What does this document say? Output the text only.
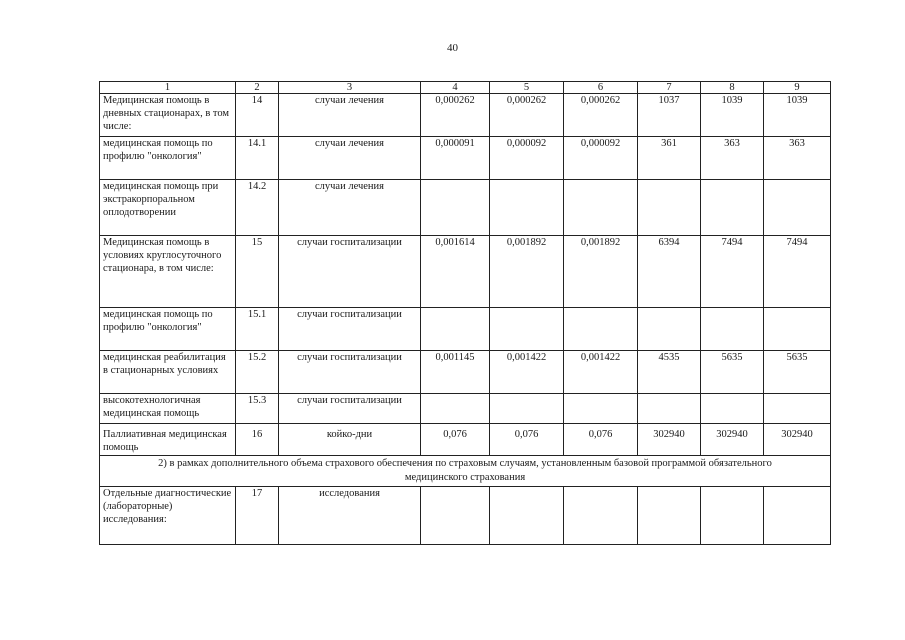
40
1	2	3	4	5	6	7	8	9
Медицинская помощь в дневных стационарах, в том числе:	14	случаи лечения	0,000262	0,000262	0,000262	1037	1039	1039
медицинская помощь по профилю "онкология"	14.1	случаи лечения	0,000091	0,000092	0,000092	361	363	363
медицинская помощь при экстракорпоральном оплодотворении	14.2	случаи лечения						
Медицинская помощь в условиях круглосуточного стационара, в том числе:	15	случаи госпитализации	0,001614	0,001892	0,001892	6394	7494	7494
медицинская помощь по профилю "онкология"	15.1	случаи госпитализации						
медицинская реабилитация в стационарных условиях	15.2	случаи госпитализации	0,001145	0,001422	0,001422	4535	5635	5635
высокотехнологичная медицинская помощь	15.3	случаи госпитализации						
Паллиативная медицинская помощь	16	койко-дни	0,076	0,076	0,076	302940	302940	302940
2) в рамках дополнительного объема страхового обеспечения по страховым случаям, установленным базовой программой обязательного медицинского страхования								
Отдельные диагностические (лабораторные) исследования:	17	исследования						
